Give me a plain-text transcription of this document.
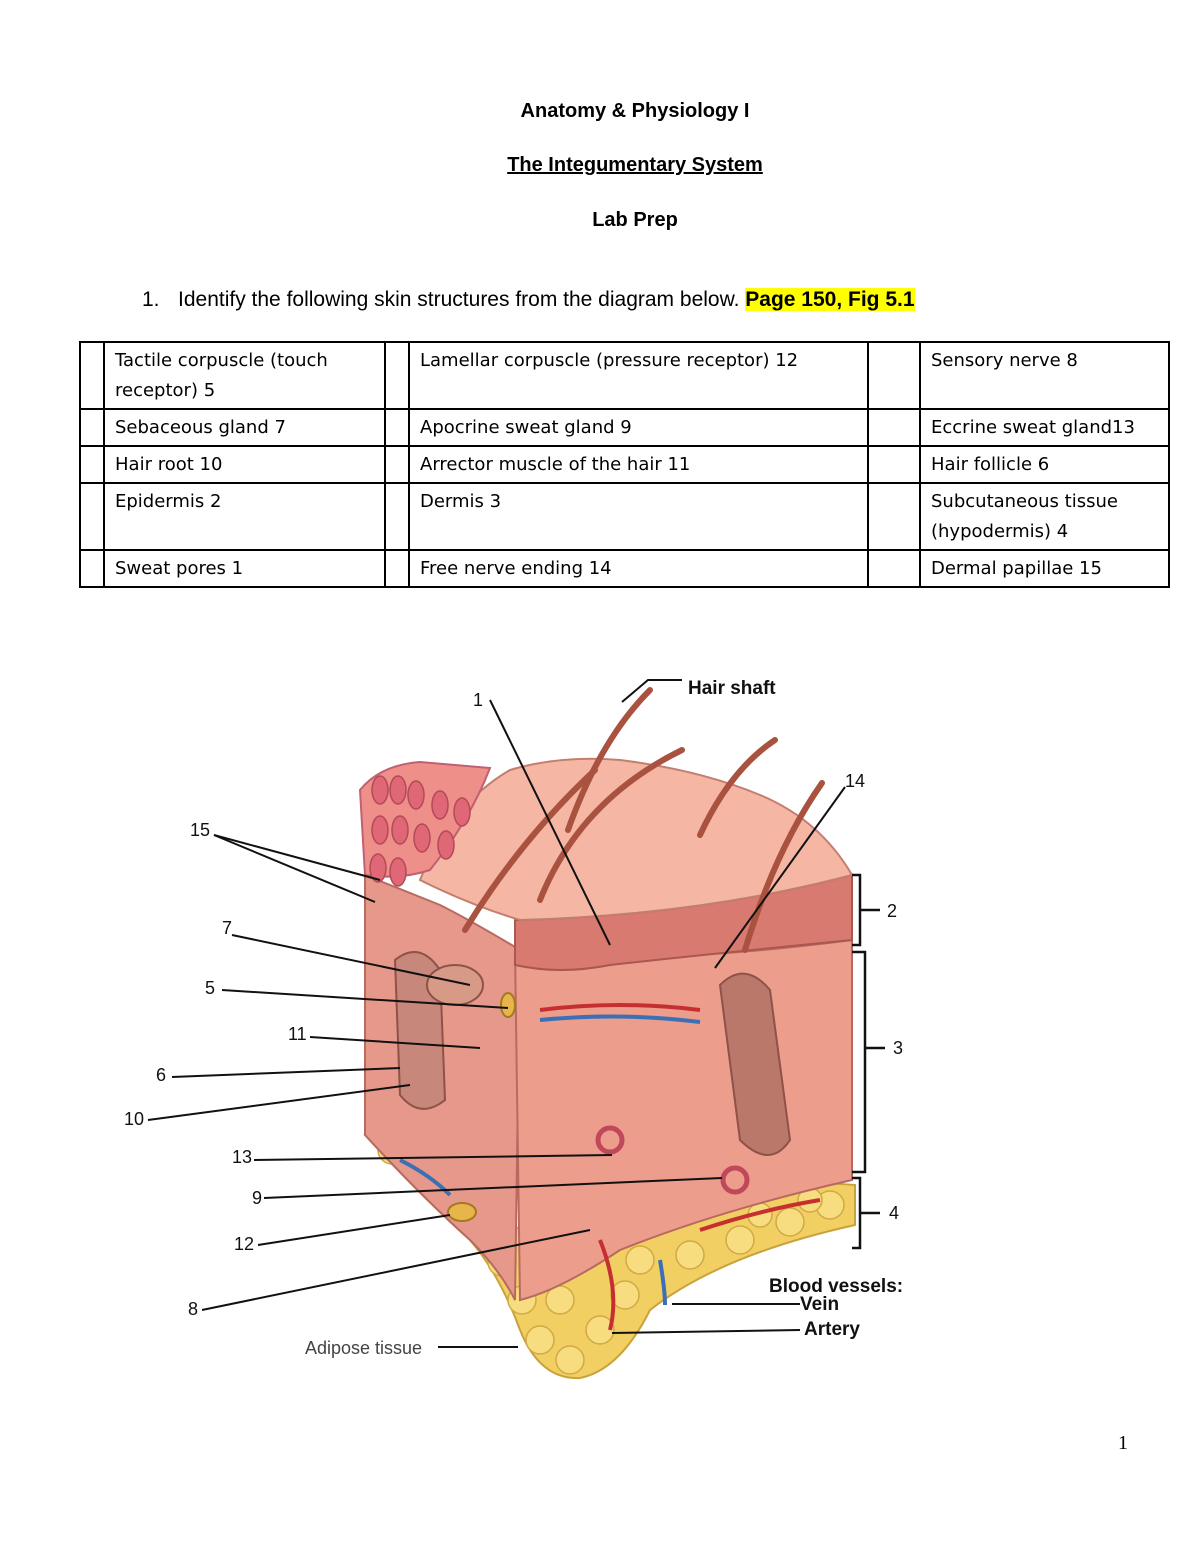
Anatomy & Physiology I
The Integumentary System
Lab Prep
1. Identify the following skin structures from the diagram below. Page 150, Fig 5.1
	Tactile corpuscle (touch receptor) 5		Lamellar corpuscle (pressure receptor) 12		Sensory nerve 8
	Sebaceous gland 7		Apocrine sweat gland 9		Eccrine sweat gland13
	Hair root 10		Arrector muscle of the hair 11		Hair follicle 6
	Epidermis 2		Dermis 3		Subcutaneous tissue (hypodermis) 4
	Sweat pores 1		Free nerve ending 14		Dermal papillae 15
Hair shaft
1
2
3
4
5
6
7
8
9
10
11
12
13
14
15
Blood vessels:
Vein
Artery
Adipose tissue
1
